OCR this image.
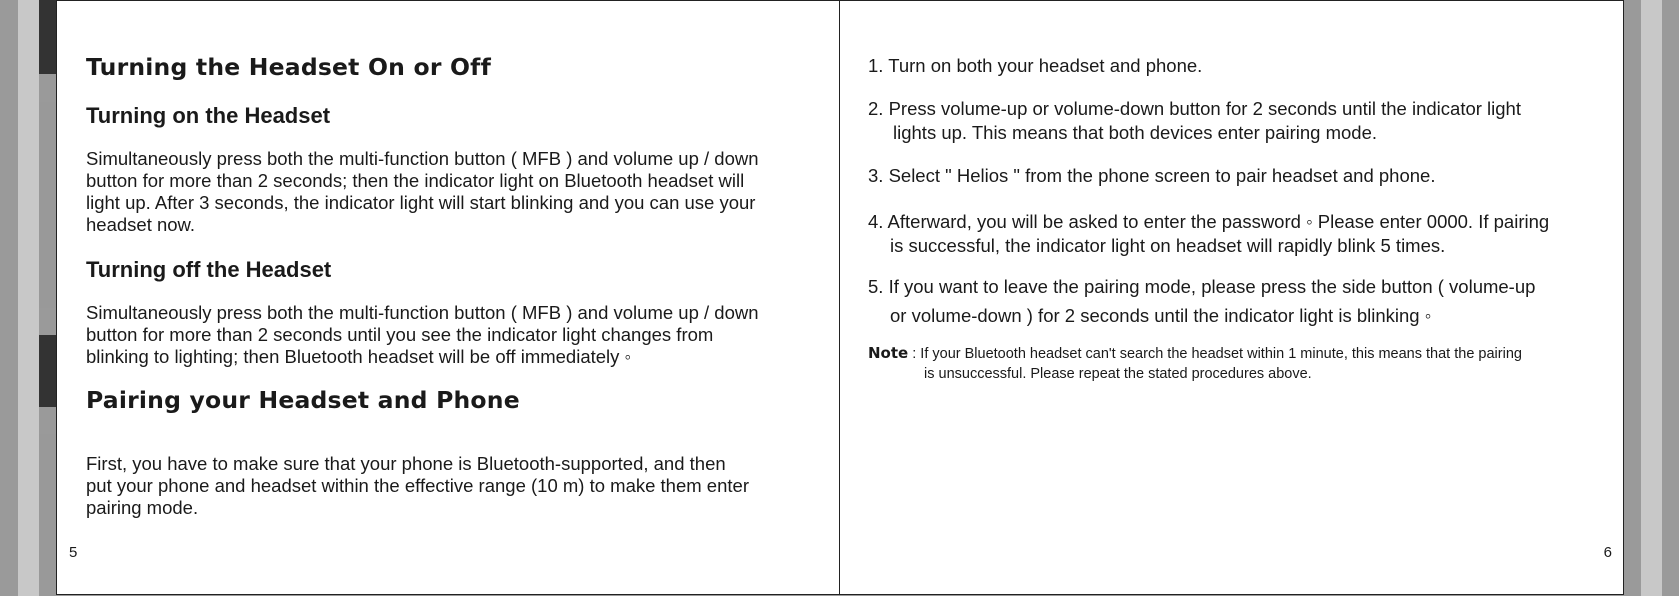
Turning the Headset On or Off
Turning on the Headset

Simultaneously press both the multi-function button ( MFB ) and volume up / down
button for more than 2 seconds; then the indicator light on Bluetooth headset will
light up. After 3 seconds, the indicator light will start blinking and you can use your
headset now.

Turning off the Headset

Simultaneously press both the multi-function button ( MFB ) and volume up / down
button for more than 2 seconds until you see the indicator light changes from
blinking to lighting; then Bluetooth headset will be off immediately ◦

Pairing your Headset and Phone

First, you have to make sure that your phone is Bluetooth-supported, and then
put your phone and headset within the effective range (10 m) to make them enter
pairing mode.

5
1. Turn on both your headset and phone.
2. Press volume-up or volume-down button for 2 seconds until the indicator light
lights up. This means that both devices enter pairing mode.
3. Select " Helios " from the phone screen to pair headset and phone.
4. Afterward, you will be asked to enter the password ◦ Please enter 0000. If pairing
is successful, the indicator light on headset will rapidly blink 5 times.
5. If you want to leave the pairing mode, please press the side button ( volume-up
or volume-down ) for 2 seconds until the indicator light is blinking ◦
Note : If your Bluetooth headset can't search the headset within 1 minute, this means that the pairing
is unsuccessful. Please repeat the stated procedures above.
6
